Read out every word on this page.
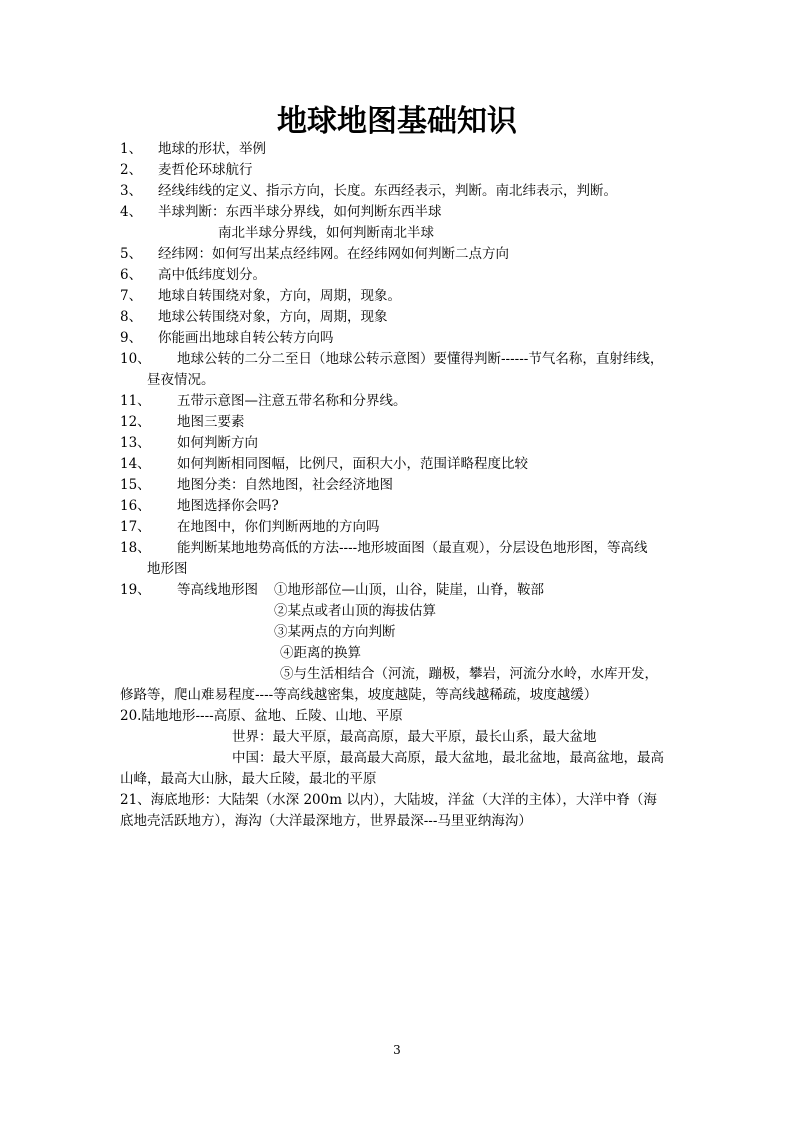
地球地图基础知识
1、 地球的形状，举例
2、 麦哲伦环球航行
3、 经线纬线的定义、指示方向，长度。东西经表示，判断。南北纬表示，判断。
4、 半球判断：东西半球分界线，如何判断东西半球
南北半球分界线，如何判断南北半球
5、 经纬网：如何写出某点经纬网。在经纬网如何判断二点方向
6、 高中低纬度划分。
7、 地球自转围绕对象，方向，周期，现象。
8、 地球公转围绕对象，方向，周期，现象
9、 你能画出地球自转公转方向吗
10、 地球公转的二分二至日（地球公转示意图）要懂得判断------节气名称，直射纬线，
昼夜情况。
11、 五带示意图—注意五带名称和分界线。
12、 地图三要素
13、 如何判断方向
14、 如何判断相同图幅，比例尺，面积大小，范围详略程度比较
15、 地图分类：自然地图，社会经济地图
16、 地图选择你会吗?
17、 在地图中，你们判断两地的方向吗
18、 能判断某地地势高低的方法----地形坡面图（最直观），分层设色地形图，等高线
地形图
19、 等高线地形图 ①地形部位—山顶，山谷，陡崖，山脊，鞍部
②某点或者山顶的海拔估算
③某两点的方向判断
④距离的换算
⑤与生活相结合（河流，蹦极，攀岩，河流分水岭，水库开发，
修路等，爬山难易程度----等高线越密集，坡度越陡，等高线越稀疏，坡度越缓）
20.陆地地形----高原、盆地、丘陵、山地、平原
世界：最大平原，最高高原，最大平原，最长山系，最大盆地
中国：最大平原，最高最大高原，最大盆地，最北盆地，最高盆地，最高
山峰，最高大山脉，最大丘陵，最北的平原
21、海底地形：大陆架（水深 200m 以内），大陆坡，洋盆（大洋的主体），大洋中脊（海
底地壳活跃地方），海沟（大洋最深地方，世界最深---马里亚纳海沟）
3
